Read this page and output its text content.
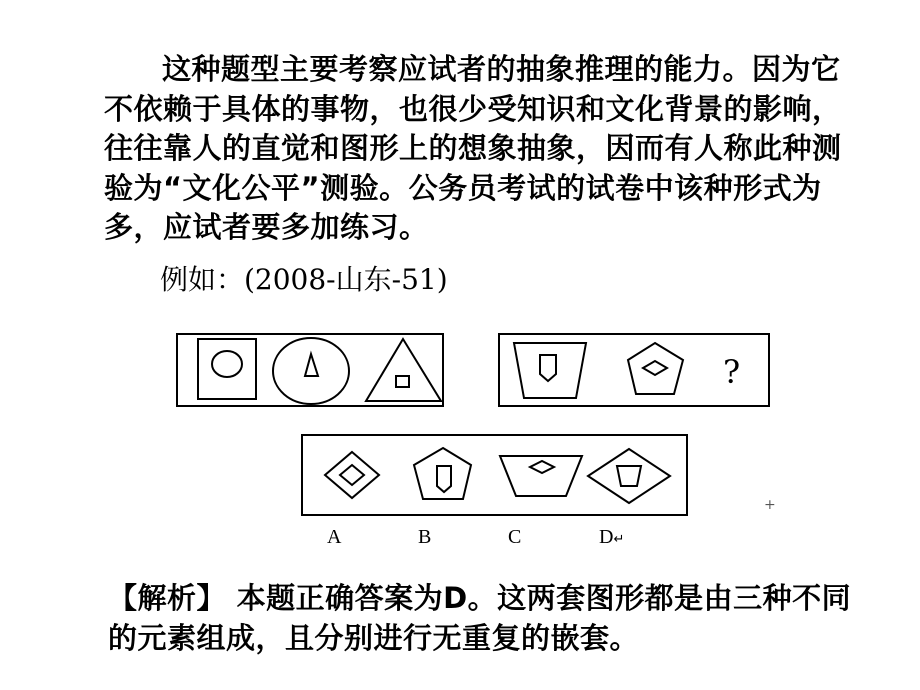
这种题型主要考察应试者的抽象推理的能力。因为它不依赖于具体的事物，也很少受知识和文化背景的影响，往往靠人的直觉和图形上的想象抽象，因而有人称此种测验为“文化公平”测验。公务员考试的试卷中该种形式为多，应试者要多加练习。
例如：(2008-山东-51)
?
+
A	B	C	D↵
【解析】 本题正确答案为D。这两套图形都是由三种不同的元素组成，且分别进行无重复的嵌套。
